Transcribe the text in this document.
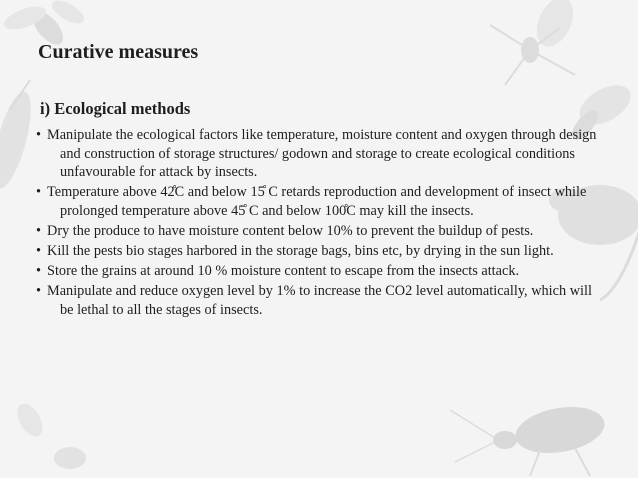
Curative measures
i) Ecological methods
• Manipulate the ecological factors like temperature, moisture content and oxygen through design and construction of storage structures/ godown and storage to create ecological conditions unfavourable for attack by insects.
• Temperature above 42̊C and below 15̊ C retards reproduction and development of insect while prolonged temperature above 45̊ C and below 100̊C may kill the insects.
• Dry the produce to have moisture content below 10% to prevent the buildup of pests.
• Kill the pests bio stages harbored in the storage bags, bins etc, by drying in the sun light.
• Store the grains at around 10 % moisture content to escape from the insects attack.
• Manipulate and reduce oxygen level by 1% to increase the CO2 level automatically, which will be lethal to all the stages of insects.
